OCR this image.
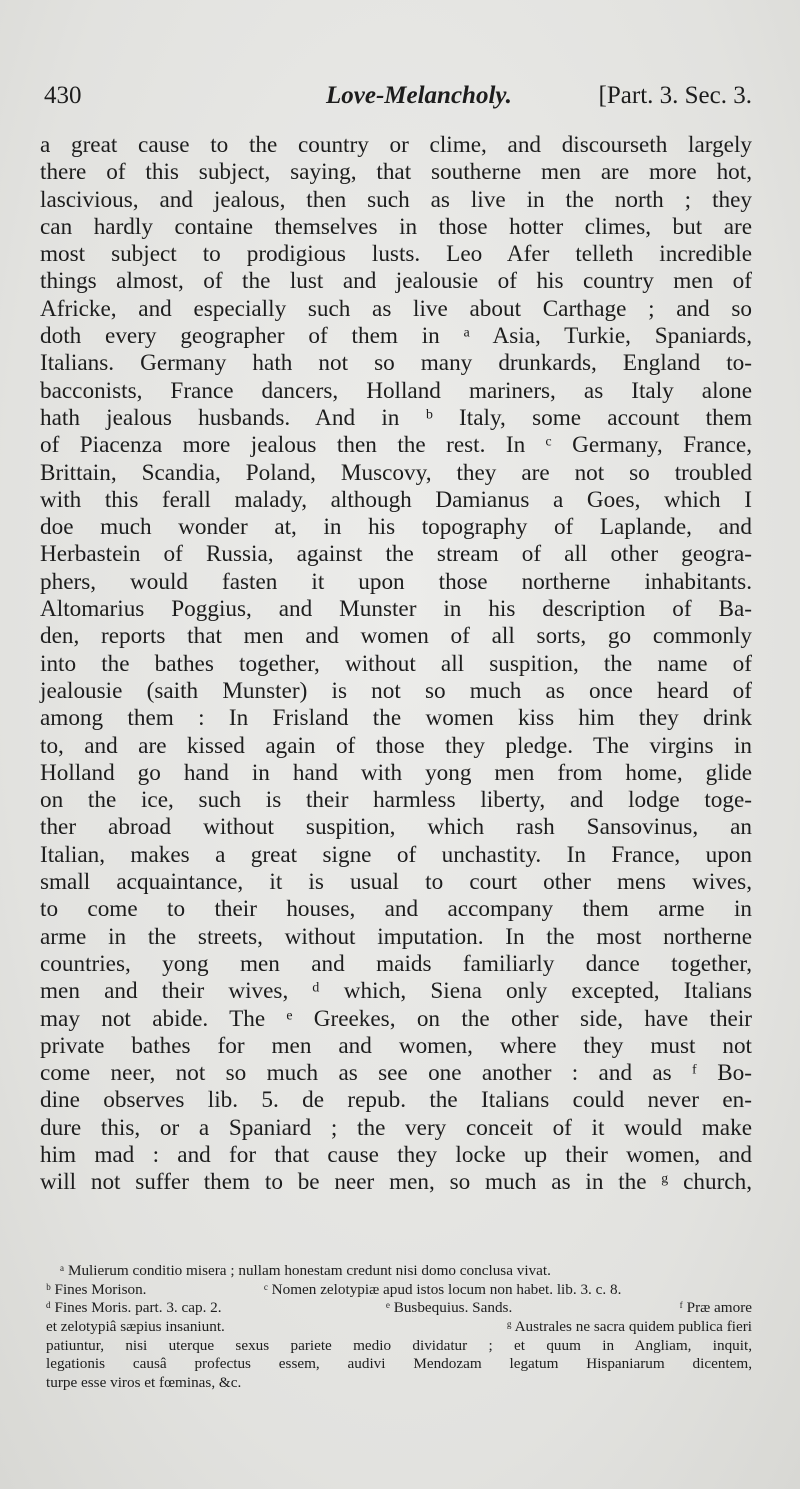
430	Love-Melancholy.	[Part. 3. Sec. 3.
a great cause to the country or clime, and discourseth largely
there of this subject, saying, that southerne men are more hot,
lascivious, and jealous, then such as live in the north ; they
can hardly containe themselves in those hotter climes, but are
most subject to prodigious lusts. Leo Afer telleth incredible
things almost, of the lust and jealousie of his country men of
Africke, and especially such as live about Carthage ; and so
doth every geographer of them in ᵃ Asia, Turkie, Spaniards,
Italians. Germany hath not so many drunkards, England to-
bacconists, France dancers, Holland mariners, as Italy alone
hath jealous husbands. And in ᵇ Italy, some account them
of Piacenza more jealous then the rest. In ᶜ Germany, France,
Brittain, Scandia, Poland, Muscovy, they are not so troubled
with this ferall malady, although Damianus a Goes, which I
doe much wonder at, in his topography of Laplande, and
Herbastein of Russia, against the stream of all other geogra-
phers, would fasten it upon those northerne inhabitants.
Altomarius Poggius, and Munster in his description of Ba-
den, reports that men and women of all sorts, go commonly
into the bathes together, without all suspition, the name of
jealousie (saith Munster) is not so much as once heard of
among them : In Frisland the women kiss him they drink
to, and are kissed again of those they pledge. The virgins in
Holland go hand in hand with yong men from home, glide
on the ice, such is their harmless liberty, and lodge toge-
ther abroad without suspition, which rash Sansovinus, an
Italian, makes a great signe of unchastity. In France, upon
small acquaintance, it is usual to court other mens wives,
to come to their houses, and accompany them arme in
arme in the streets, without imputation. In the most northerne
countries, yong men and maids familiarly dance together,
men and their wives, ᵈ which, Siena only excepted, Italians
may not abide. The ᵉ Greekes, on the other side, have their
private bathes for men and women, where they must not
come neer, not so much as see one another : and as ᶠ Bo-
dine observes lib. 5. de repub. the Italians could never en-
dure this, or a Spaniard ; the very conceit of it would make
him mad : and for that cause they locke up their women, and
will not suffer them to be neer men, so much as in the ᵍ church,
ᵃ Mulierum conditio misera ; nullam honestam credunt nisi domo conclusa vivat.
ᵇ Fines Morison.	ᶜ Nomen zelotypiæ apud istos locum non habet. lib. 3. c. 8.
ᵈ Fines Moris. part. 3. cap. 2.	ᵉ Busbequius. Sands.	ᶠ Præ amore
et zelotypiâ sæpius insaniunt.	ᵍ Australes ne sacra quidem publica fieri
patiuntur, nisi uterque sexus pariete medio dividatur ; et quum in Angliam, inquit,
legationis causâ profectus essem, audivi Mendozam legatum Hispaniarum dicentem,
turpe esse viros et fœminas, &c.
